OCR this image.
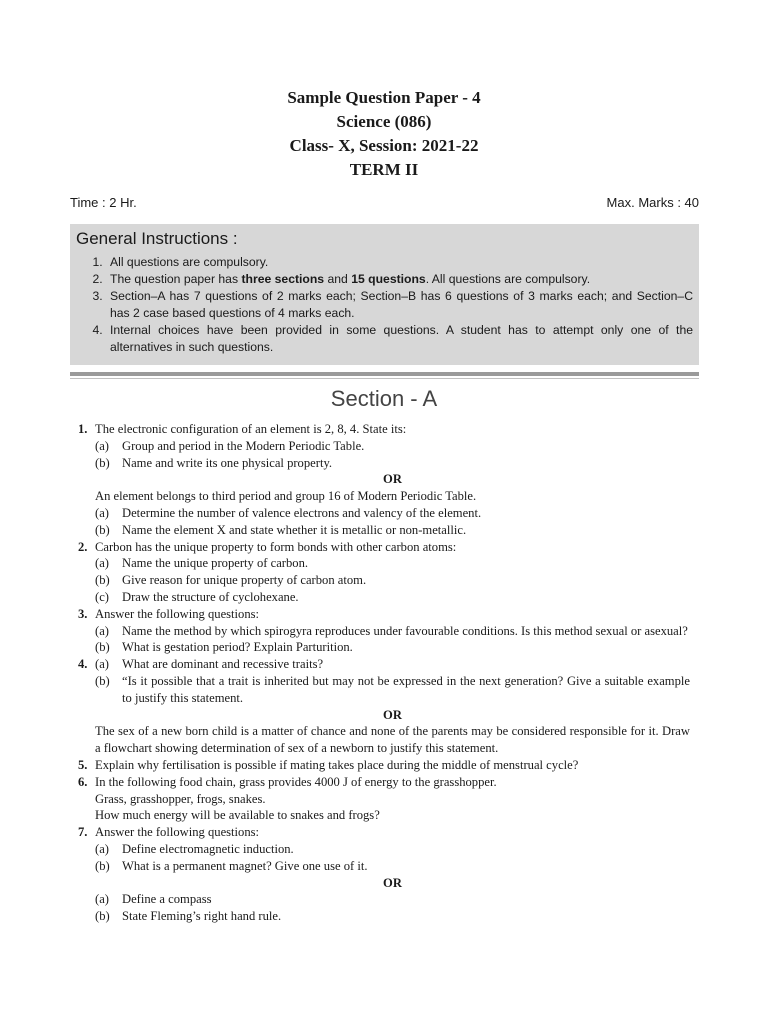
Sample Question Paper - 4
Science (086)
Class- X, Session: 2021-22
TERM II
Time : 2 Hr.	Max. Marks : 40
General Instructions :
1. All questions are compulsory.
2. The question paper has three sections and 15 questions. All questions are compulsory.
3. Section–A has 7 questions of 2 marks each; Section–B has 6 questions of 3 marks each; and Section–C has 2 case based questions of 4 marks each.
4. Internal choices have been provided in some questions. A student has to attempt only one of the alternatives in such questions.
Section - A
1. The electronic configuration of an element is 2, 8, 4. State its:
(a)	Group and period in the Modern Periodic Table.
(b) Name and write its one physical property.
OR
An element belongs to third period and group 16 of Modern Periodic Table.
(a)	Determine the number of valence electrons and valency of the element.
(b) Name the element X and state whether it is metallic or non-metallic.
2. Carbon has the unique property to form bonds with other carbon atoms:
(a)	Name the unique property of carbon.
(b) Give reason for unique property of carbon atom.
(c)	Draw the structure of cyclohexane.
3. Answer the following questions:
(a)	Name the method by which spirogyra reproduces under favourable conditions. Is this method sexual or asexual?
(b) What is gestation period? Explain Parturition.
4. (a)	What are dominant and recessive traits?
(b) “Is it possible that a trait is inherited but may not be expressed in the next generation? Give a suitable example to justify this statement.
OR
The sex of a new born child is a matter of chance and none of the parents may be considered responsible for it. Draw a flowchart showing determination of sex of a newborn to justify this statement.
5. Explain why fertilisation is possible if mating takes place during the middle of menstrual cycle?
6. In the following food chain, grass provides 4000 J of energy to the grasshopper.
Grass, grasshopper, frogs, snakes.
How much energy will be available to snakes and frogs?
7. Answer the following questions:
(a)	Define electromagnetic induction.
(b) What is a permanent magnet? Give one use of it.
OR
(a)	Define a compass
(b) State Fleming’s right hand rule.
